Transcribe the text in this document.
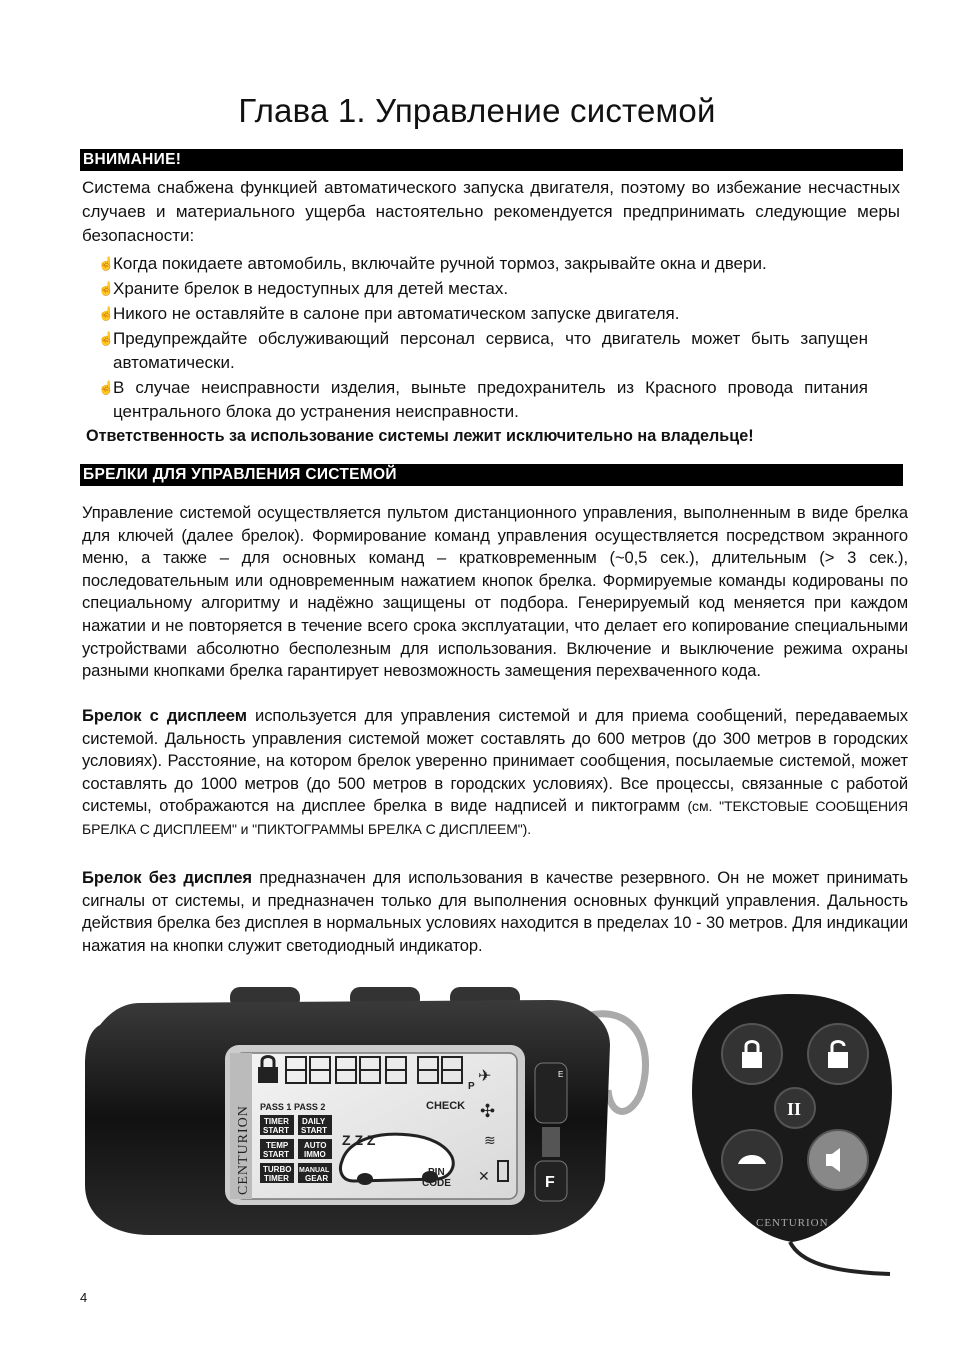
Глава 1. Управление системой
ВНИМАНИЕ!
Система снабжена функцией автоматического запуска двигателя, поэтому во избежание несчастных случаев и материального ущерба настоятельно рекомендуется предпринимать следующие меры безопасности:
☝
Когда покидаете автомобиль, включайте ручной тормоз, закрывайте окна и двери.
☝
Храните брелок в недоступных для детей местах.
☝
Никого не оставляйте в салоне при автоматическом запуске двигателя.
☝
Предупреждайте обслуживающий персонал сервиса, что двигатель может быть запущен автоматически.
☝
В случае неисправности изделия, выньте предохранитель из Красного провода питания центрального блока до устранения неисправности.
Ответственность за использование системы лежит исключительно на владельце!
БРЕЛКИ ДЛЯ УПРАВЛЕНИЯ СИСТЕМОЙ
Управление системой осуществляется пультом дистанционного управления, выполненным в виде брелка для ключей (далее брелок). Формирование команд управления осуществляется посредством экранного меню, а также – для основных команд – кратковременным (~0,5 сек.), длительным (> 3 сек.), последовательным или одновременным нажатием кнопок брелка. Формируемые команды кодированы по специальному алгоритму и надёжно защищены от подбора. Генерируемый код меняется при каждом нажатии и не повторяется в течение всего срока эксплуатации, что делает его копирование специальными устройствами абсолютно бесполезным для использования. Включение и выключение режима охраны разными кнопками брелка гарантирует невозможность замещения перехваченного кода.
Брелок с дисплеем используется для управления системой и для приема сообщений, передаваемых системой. Дальность управления системой может составлять до 600 метров (до 300 метров в городских условиях). Расстояние, на котором брелок уверенно принимает сообщения, посылаемые системой, может составлять до 1000 метров (до 500 метров в городских условиях). Все процессы, связанные с работой системы, отображаются на дисплее брелка в виде надписей и пиктограмм (см. "ТЕКСТОВЫЕ СООБЩЕНИЯ БРЕЛКА С ДИСПЛЕЕМ" и "ПИКТОГРАММЫ БРЕЛКА С ДИСПЛЕЕМ").
Брелок без дисплея предназначен для использования в качестве резервного. Он не может принимать сигналы от системы, и предназначен только для выполнения основных функций управления. Дальность действия брелка без дисплея в нормальных условиях находится в пределах 10 - 30 метров. Для индикации нажатия на кнопки служит светодиодный индикатор.
CENTURION
P
✈
PASS 1 PASS 2
TIMER
START
DAILY
START
TEMP
START
AUTO
IMMO
TURBO
TIMER
MANUAL
GEAR
Z Z Z
CHECK
PIN
CODE
✣
≋
✕
E
F
II
CENTURION
4
